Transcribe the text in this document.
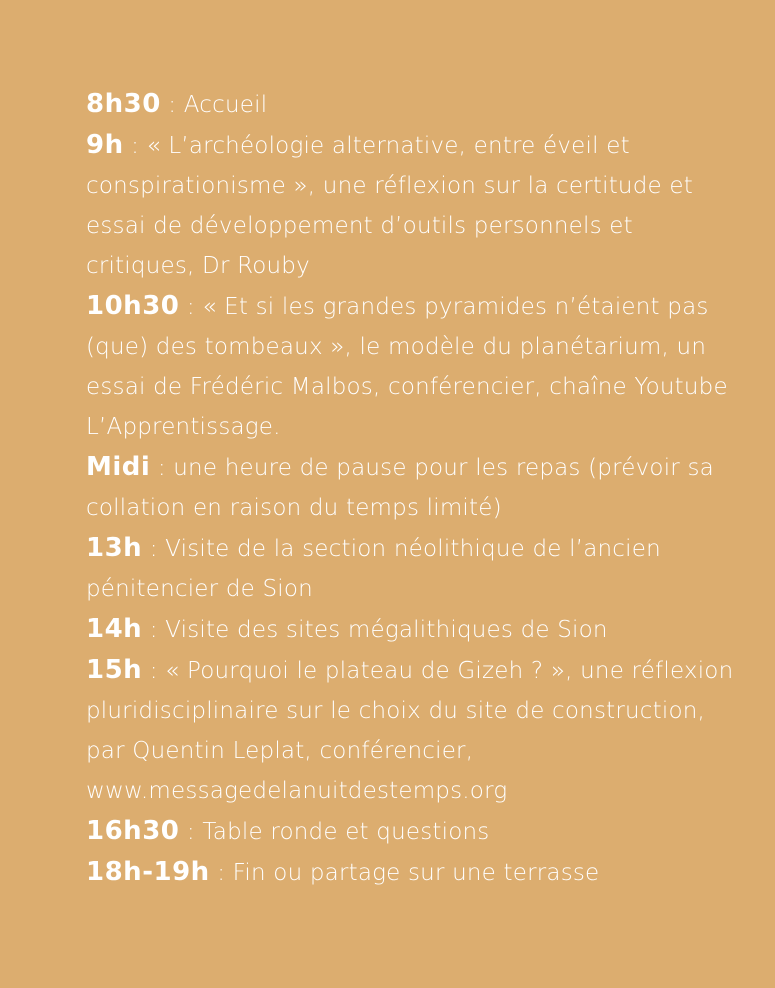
8h30 : Accueil
9h : « L’archéologie alternative, entre éveil et conspirationisme », une réflexion sur la certitude et essai de développement d’outils personnels et critiques, Dr Rouby
10h30 : « Et si les grandes pyramides n’étaient pas (que) des tombeaux », le modèle du planétarium, un essai de Frédéric Malbos, conférencier, chaîne Youtube L’Apprentissage.
Midi : une heure de pause pour les repas (prévoir sa collation en raison du temps limité)
13h : Visite de la section néolithique de l’ancien pénitencier de Sion
14h : Visite des sites mégalithiques de Sion
15h : « Pourquoi le plateau de Gizeh ? », une réflexion pluridisciplinaire sur le choix du site de construction, par Quentin Leplat, conférencier, www.messagedelanuitdestemps.org
16h30 : Table ronde et questions
18h-19h : Fin ou partage sur une terrasse
